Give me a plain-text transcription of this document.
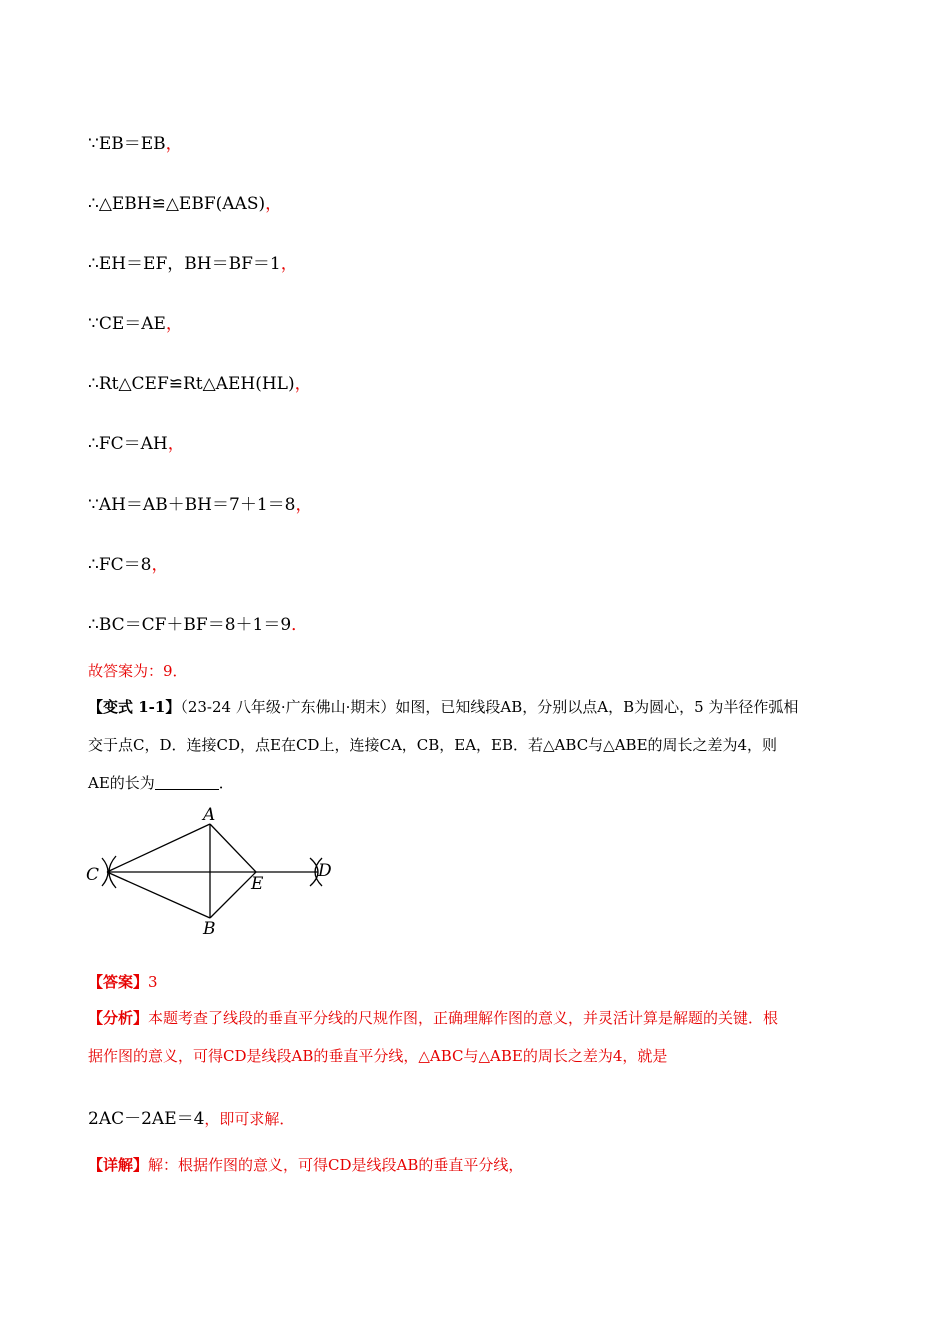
∵EB＝EB，
∴△EBH≌△EBF(AAS)，
∴EH＝EF，BH＝BF＝1，
∵CE＝AE，
∴Rt△CEF≌Rt△AEH(HL)，
∴FC＝AH，
∵AH＝AB＋BH＝7＋1＝8，
∴FC＝8，
∴BC＝CF＋BF＝8＋1＝9．
故答案为：9．
【变式 1-1】（23-24 八年级·广东佛山·期末）如图，已知线段AB，分别以点A，B为圆心，5 为半径作弧相
交于点C，D．连接CD，点E在CD上，连接CA，CB，EA，EB．若△ABC与△ABE的周长之差为4，则
AE的长为	．
A
B
C	D
E
【答案】3
【分析】本题考查了线段的垂直平分线的尺规作图，正确理解作图的意义，并灵活计算是解题的关键．根
据作图的意义，可得CD是线段AB的垂直平分线，△ABC与△ABE的周长之差为4，就是
2AC－2AE＝4，即可求解．
【详解】解：根据作图的意义，可得CD是线段AB的垂直平分线，
